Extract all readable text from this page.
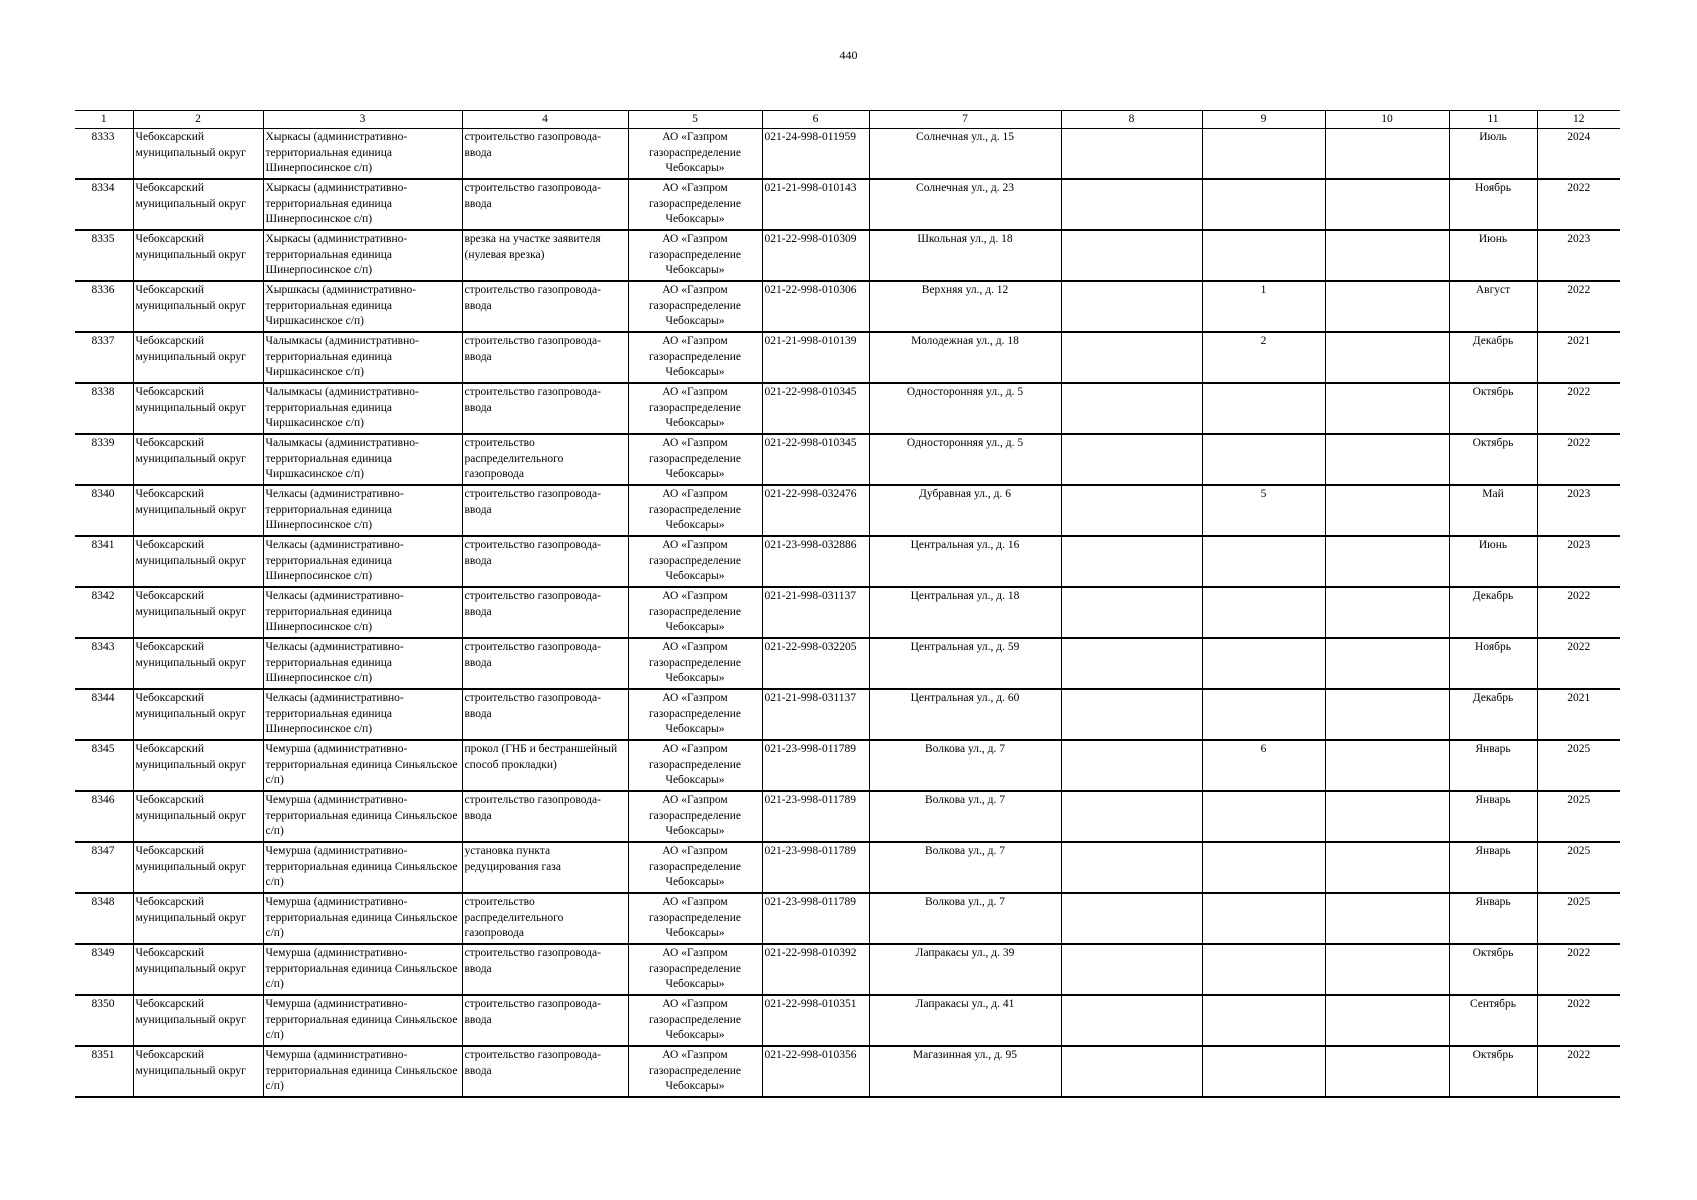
440
1	2	3	4	5	6	7	8	9	10	11	12
8333	Чебоксарский муниципальный округ	Хыркасы (административно-территориальная единица Шинерпосинское с/п)	строительство газопровода-ввода	АО «Газпром газораспределение Чебоксары»	021-24-998-011959	Солнечная ул., д. 15				Июль	2024
8334	Чебоксарский муниципальный округ	Хыркасы (административно-территориальная единица Шинерпосинское с/п)	строительство газопровода-ввода	АО «Газпром газораспределение Чебоксары»	021-21-998-010143	Солнечная ул., д. 23				Ноябрь	2022
8335	Чебоксарский муниципальный округ	Хыркасы (административно-территориальная единица Шинерпосинское с/п)	врезка на участке заявителя (нулевая врезка)	АО «Газпром газораспределение Чебоксары»	021-22-998-010309	Школьная ул., д. 18				Июнь	2023
8336	Чебоксарский муниципальный округ	Хыршкасы (административно-территориальная единица Чиршкасинское с/п)	строительство газопровода-ввода	АО «Газпром газораспределение Чебоксары»	021-22-998-010306	Верхняя ул., д. 12		1		Август	2022
8337	Чебоксарский муниципальный округ	Чалымкасы (административно-территориальная единица Чиршкасинское с/п)	строительство газопровода-ввода	АО «Газпром газораспределение Чебоксары»	021-21-998-010139	Молодежная ул., д. 18		2		Декабрь	2021
8338	Чебоксарский муниципальный округ	Чалымкасы (административно-территориальная единица Чиршкасинское с/п)	строительство газопровода-ввода	АО «Газпром газораспределение Чебоксары»	021-22-998-010345	Односторонняя ул., д. 5				Октябрь	2022
8339	Чебоксарский муниципальный округ	Чалымкасы (административно-территориальная единица Чиршкасинское с/п)	строительство распределительного газопровода	АО «Газпром газораспределение Чебоксары»	021-22-998-010345	Односторонняя ул., д. 5				Октябрь	2022
8340	Чебоксарский муниципальный округ	Челкасы (административно-территориальная единица Шинерпосинское с/п)	строительство газопровода-ввода	АО «Газпром газораспределение Чебоксары»	021-22-998-032476	Дубравная ул., д. 6		5		Май	2023
8341	Чебоксарский муниципальный округ	Челкасы (административно-территориальная единица Шинерпосинское с/п)	строительство газопровода-ввода	АО «Газпром газораспределение Чебоксары»	021-23-998-032886	Центральная ул., д. 16				Июнь	2023
8342	Чебоксарский муниципальный округ	Челкасы (административно-территориальная единица Шинерпосинское с/п)	строительство газопровода-ввода	АО «Газпром газораспределение Чебоксары»	021-21-998-031137	Центральная ул., д. 18				Декабрь	2022
8343	Чебоксарский муниципальный округ	Челкасы (административно-территориальная единица Шинерпосинское с/п)	строительство газопровода-ввода	АО «Газпром газораспределение Чебоксары»	021-22-998-032205	Центральная ул., д. 59				Ноябрь	2022
8344	Чебоксарский муниципальный округ	Челкасы (административно-территориальная единица Шинерпосинское с/п)	строительство газопровода-ввода	АО «Газпром газораспределение Чебоксары»	021-21-998-031137	Центральная ул., д. 60				Декабрь	2021
8345	Чебоксарский муниципальный округ	Чемурша (административно-территориальная единица Синьяльское с/п)	прокол (ГНБ и бестраншейный способ прокладки)	АО «Газпром газораспределение Чебоксары»	021-23-998-011789	Волкова ул., д. 7		6		Январь	2025
8346	Чебоксарский муниципальный округ	Чемурша (административно-территориальная единица Синьяльское с/п)	строительство газопровода-ввода	АО «Газпром газораспределение Чебоксары»	021-23-998-011789	Волкова ул., д. 7				Январь	2025
8347	Чебоксарский муниципальный округ	Чемурша (административно-территориальная единица Синьяльское с/п)	установка пункта редуцирования газа	АО «Газпром газораспределение Чебоксары»	021-23-998-011789	Волкова ул., д. 7				Январь	2025
8348	Чебоксарский муниципальный округ	Чемурша (административно-территориальная единица Синьяльское с/п)	строительство распределительного газопровода	АО «Газпром газораспределение Чебоксары»	021-23-998-011789	Волкова ул., д. 7				Январь	2025
8349	Чебоксарский муниципальный округ	Чемурша (административно-территориальная единица Синьяльское с/п)	строительство газопровода-ввода	АО «Газпром газораспределение Чебоксары»	021-22-998-010392	Лапракасы ул., д. 39				Октябрь	2022
8350	Чебоксарский муниципальный округ	Чемурша (административно-территориальная единица Синьяльское с/п)	строительство газопровода-ввода	АО «Газпром газораспределение Чебоксары»	021-22-998-010351	Лапракасы ул., д. 41				Сентябрь	2022
8351	Чебоксарский муниципальный округ	Чемурша (административно-территориальная единица Синьяльское с/п)	строительство газопровода-ввода	АО «Газпром газораспределение Чебоксары»	021-22-998-010356	Магазинная ул., д. 95				Октябрь	2022
